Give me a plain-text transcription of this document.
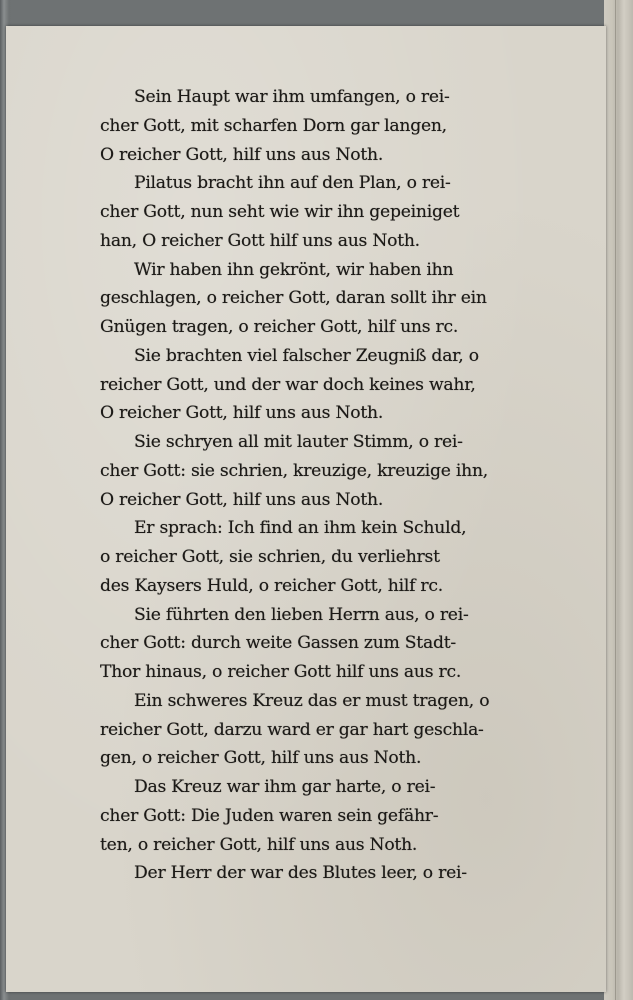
Sein Haupt war ihm umfangen, o rei-
cher Gott, mit scharfen Dorn gar langen,
O reicher Gott, hilf uns aus Noth.
Pilatus bracht ihn auf den Plan, o rei-
cher Gott, nun seht wie wir ihn gepeiniget
han, O reicher Gott hilf uns aus Noth.
Wir haben ihn gekrönt, wir haben ihn
geschlagen, o reicher Gott, daran sollt ihr ein
Gnügen tragen, o reicher Gott, hilf uns rc.
Sie brachten viel falscher Zeugniß dar, o
reicher Gott, und der war doch keines wahr,
O reicher Gott, hilf uns aus Noth.
Sie schryen all mit lauter Stimm, o rei-
cher Gott: sie schrien, kreuzige, kreuzige ihn,
O reicher Gott, hilf uns aus Noth.
Er sprach: Ich find an ihm kein Schuld,
o reicher Gott, sie schrien, du verliehrst
des Kaysers Huld, o reicher Gott, hilf rc.
Sie führten den lieben Herrn aus, o rei-
cher Gott: durch weite Gassen zum Stadt-
Thor hinaus, o reicher Gott hilf uns aus rc.
Ein schweres Kreuz das er must tragen, o
reicher Gott, darzu ward er gar hart geschla-
gen, o reicher Gott, hilf uns aus Noth.
Das Kreuz war ihm gar harte, o rei-
cher Gott: Die Juden waren sein gefähr-
ten, o reicher Gott, hilf uns aus Noth.
Der Herr der war des Blutes leer, o rei-
